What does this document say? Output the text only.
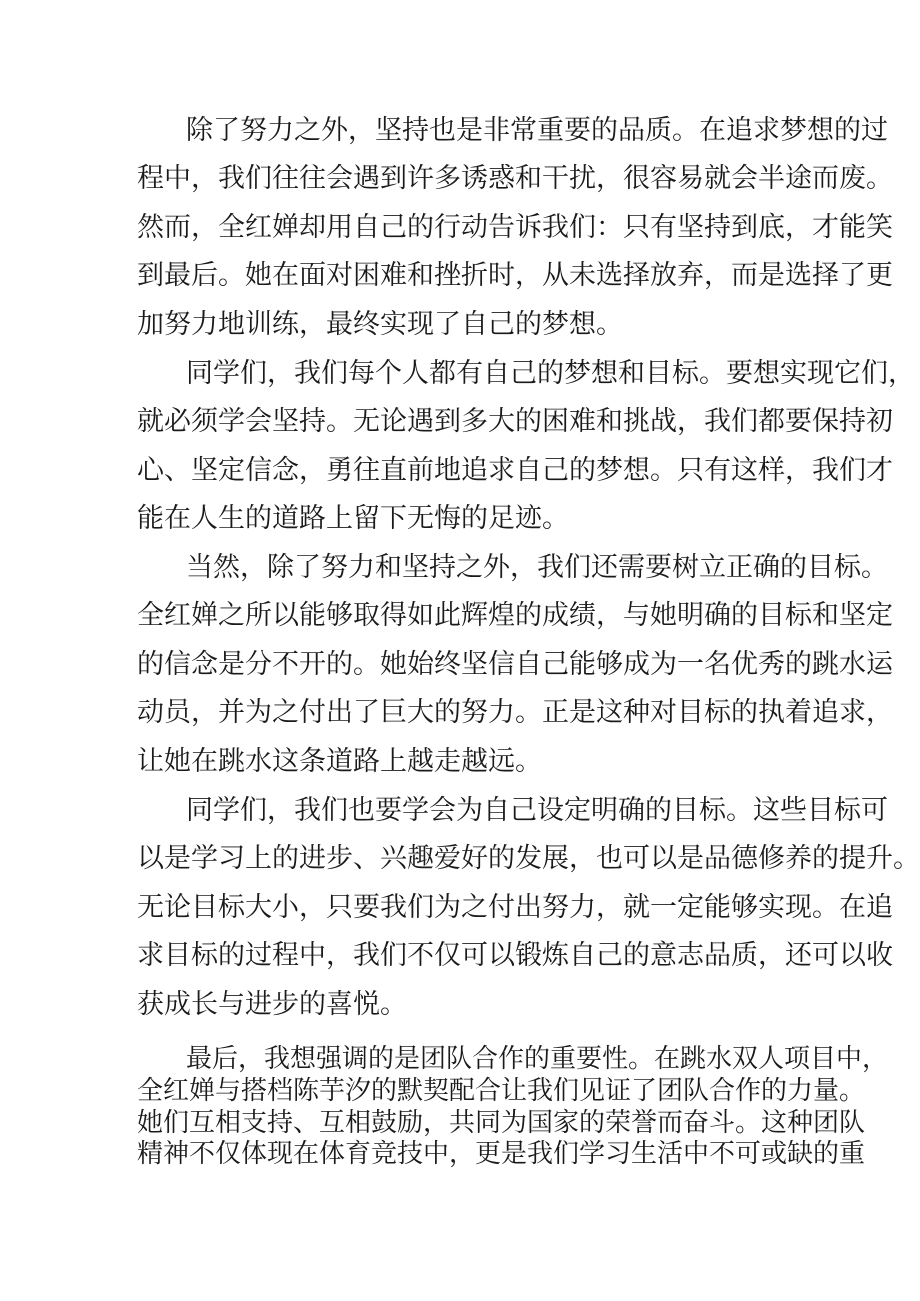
除了努力之外，坚持也是非常重要的品质。在追求梦想的过
程中，我们往往会遇到许多诱惑和干扰，很容易就会半途而废。
然而，全红婵却用自己的行动告诉我们：只有坚持到底，才能笑
到最后。她在面对困难和挫折时，从未选择放弃，而是选择了更
加努力地训练，最终实现了自己的梦想。
同学们，我们每个人都有自己的梦想和目标。要想实现它们，
就必须学会坚持。无论遇到多大的困难和挑战，我们都要保持初
心、坚定信念，勇往直前地追求自己的梦想。只有这样，我们才
能在人生的道路上留下无悔的足迹。
当然，除了努力和坚持之外，我们还需要树立正确的目标。
全红婵之所以能够取得如此辉煌的成绩，与她明确的目标和坚定
的信念是分不开的。她始终坚信自己能够成为一名优秀的跳水运
动员，并为之付出了巨大的努力。正是这种对目标的执着追求，
让她在跳水这条道路上越走越远。
同学们，我们也要学会为自己设定明确的目标。这些目标可
以是学习上的进步、兴趣爱好的发展，也可以是品德修养的提升。
无论目标大小，只要我们为之付出努力，就一定能够实现。在追
求目标的过程中，我们不仅可以锻炼自己的意志品质，还可以收
获成长与进步的喜悦。
最后，我想强调的是团队合作的重要性。在跳水双人项目中，
全红婵与搭档陈芋汐的默契配合让我们见证了团队合作的力量。
她们互相支持、互相鼓励，共同为国家的荣誉而奋斗。这种团队
精神不仅体现在体育竞技中，更是我们学习生活中不可或缺的重
